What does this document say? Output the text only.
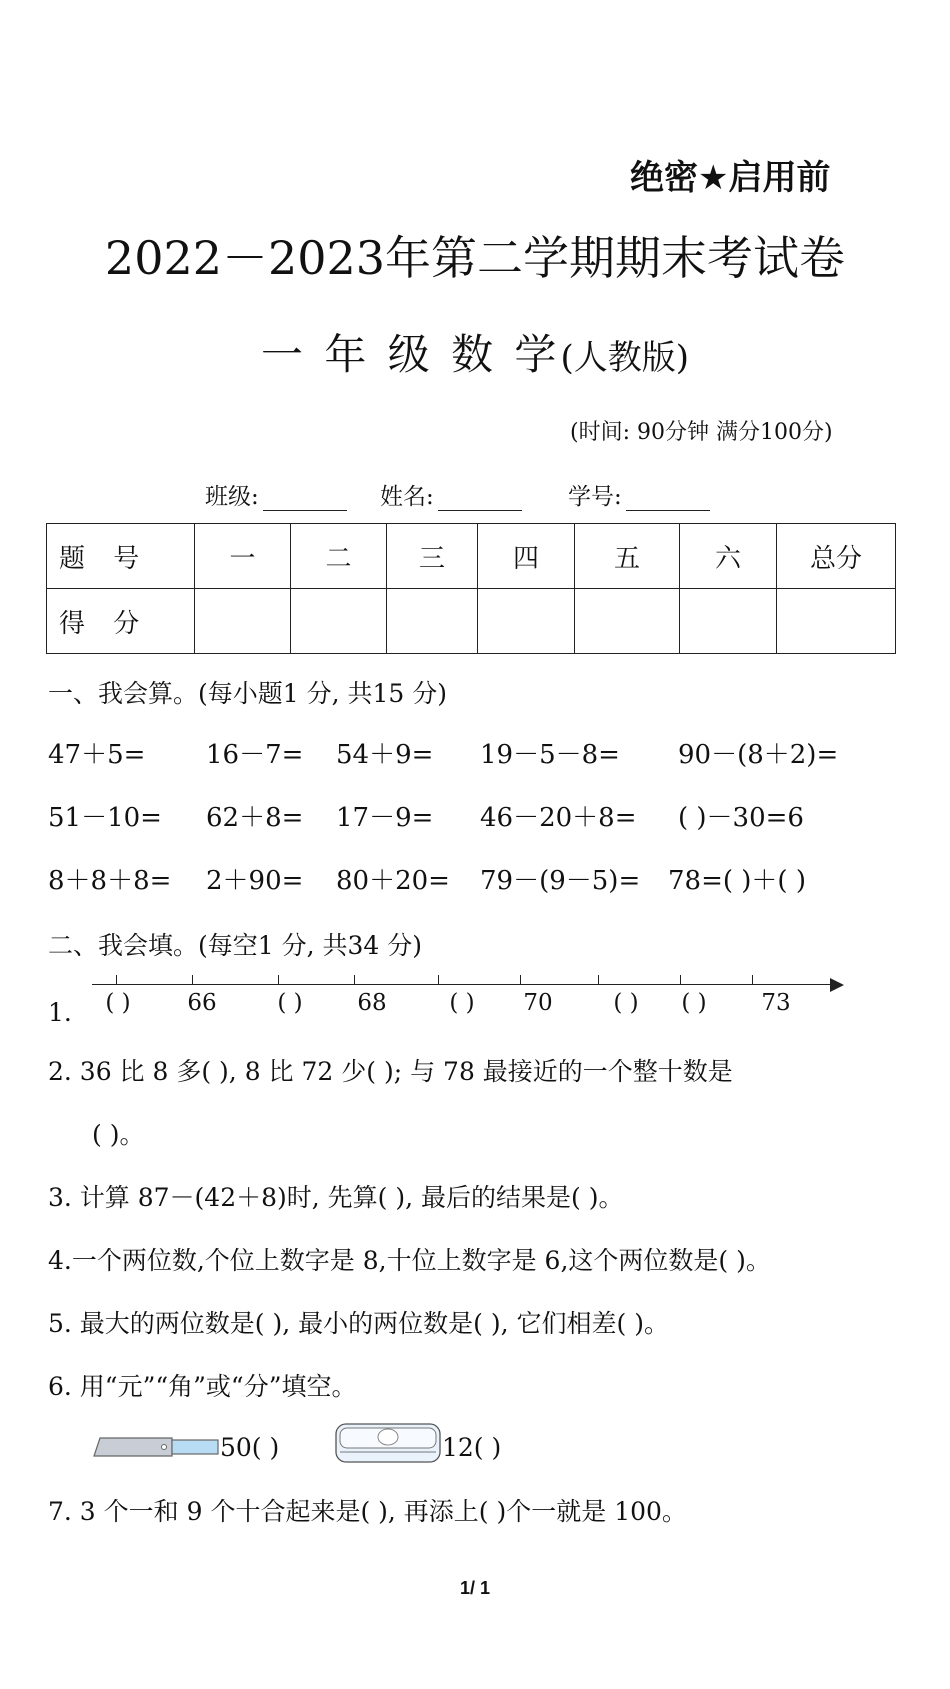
绝密★启用前
2022－2023年第二学期期末考试卷
一 年 级 数 学(人教版)
(时间: 90分钟 满分100分)
班级:	姓名:	学号:
题 号	一	二	三	四	五	六	总分
得 分							
一、我会算。(每小题1 分, 共15 分)
47＋5= 16－7= 54＋9= 19－5－8= 90－(8＋2)=
51－10= 62＋8= 17－9= 46－20＋8= ( )－30=6
8＋8＋8= 2＋90= 80＋20= 79－(9－5)= 78=( )＋( )
二、我会填。(每空1 分, 共34 分)
1. ( ) 66	( ) 68	( ) 70	( ) ( ) 73
2. 36 比 8 多( ), 8 比 72 少( ); 与 78 最接近的一个整十数是
( )。
3. 计算 87－(42＋8)时, 先算( ), 最后的结果是( )。
4.一个两位数,个位上数字是 8,十位上数字是 6,这个两位数是( )。
5. 最大的两位数是( ), 最小的两位数是( ), 它们相差( )。
6. 用“元”“角”或“分”填空。
50( )	12( )
7. 3 个一和 9 个十合起来是( ), 再添上( )个一就是 100。
1/ 1
